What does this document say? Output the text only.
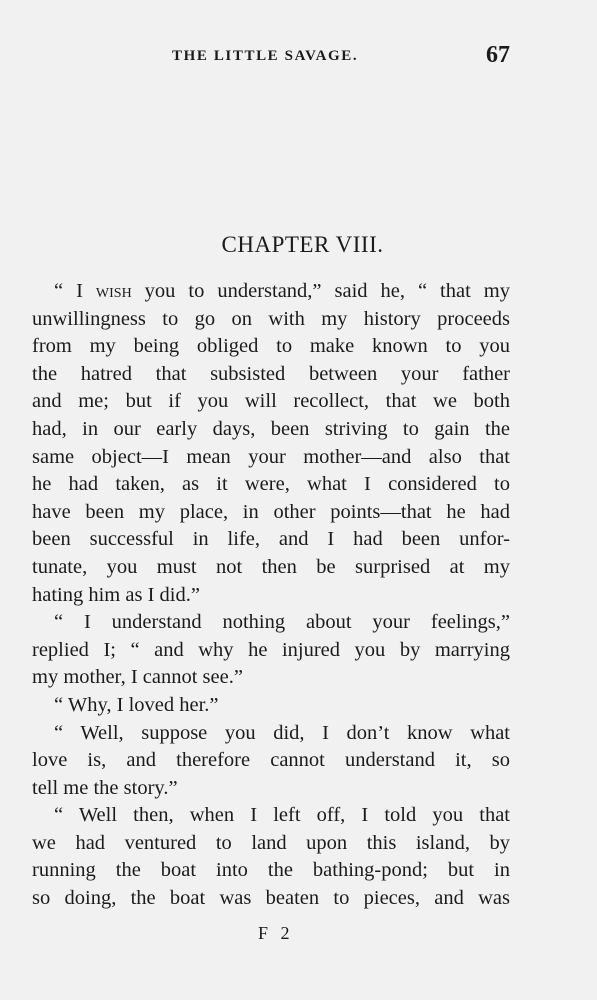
THE LITTLE SAVAGE.	67
CHAPTER VIII.
“ I wish you to understand,” said he, “ that my
unwillingness to go on with my history proceeds
from my being obliged to make known to you
the hatred that subsisted between your father
and me; but if you will recollect, that we both
had, in our early days, been striving to gain the
same object—I mean your mother—and also that
he had taken, as it were, what I considered to
have been my place, in other points—that he had
been successful in life, and I had been unfor-
tunate, you must not then be surprised at my
hating him as I did.”
“ I understand nothing about your feelings,”
replied I; “ and why he injured you by marrying
my mother, I cannot see.”
“ Why, I loved her.”
“ Well, suppose you did, I don’t know what
love is, and therefore cannot understand it, so
tell me the story.”
“ Well then, when I left off, I told you that
we had ventured to land upon this island, by
running the boat into the bathing-pond; but in
so doing, the boat was beaten to pieces, and was
F 2
